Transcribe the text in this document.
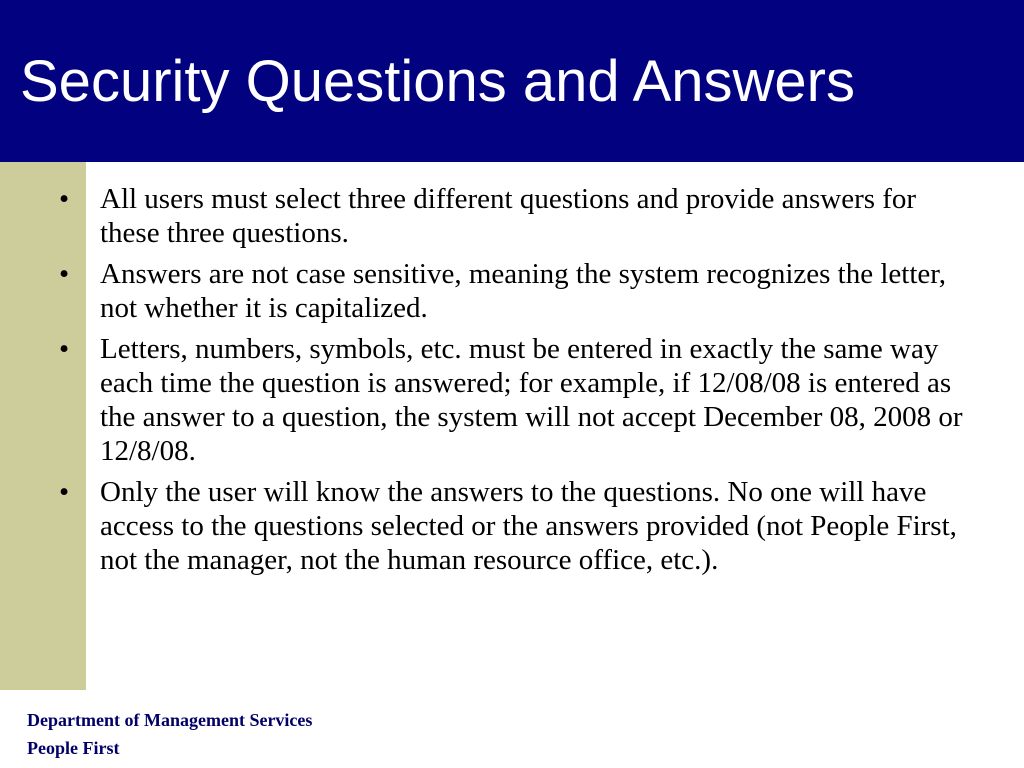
Security Questions and Answers
• All users must select three different questions and provide answers for these three questions.
• Answers are not case sensitive, meaning the system recognizes the letter, not whether it is capitalized.
• Letters, numbers, symbols, etc. must be entered in exactly the same way each time the question is answered; for example, if 12/08/08 is entered as the answer to a question, the system will not accept December 08, 2008 or 12/8/08.
• Only the user will know the answers to the questions. No one will have access to the questions selected or the answers provided (not People First, not the manager, not the human resource office, etc.).

Department of Management Services

People First
